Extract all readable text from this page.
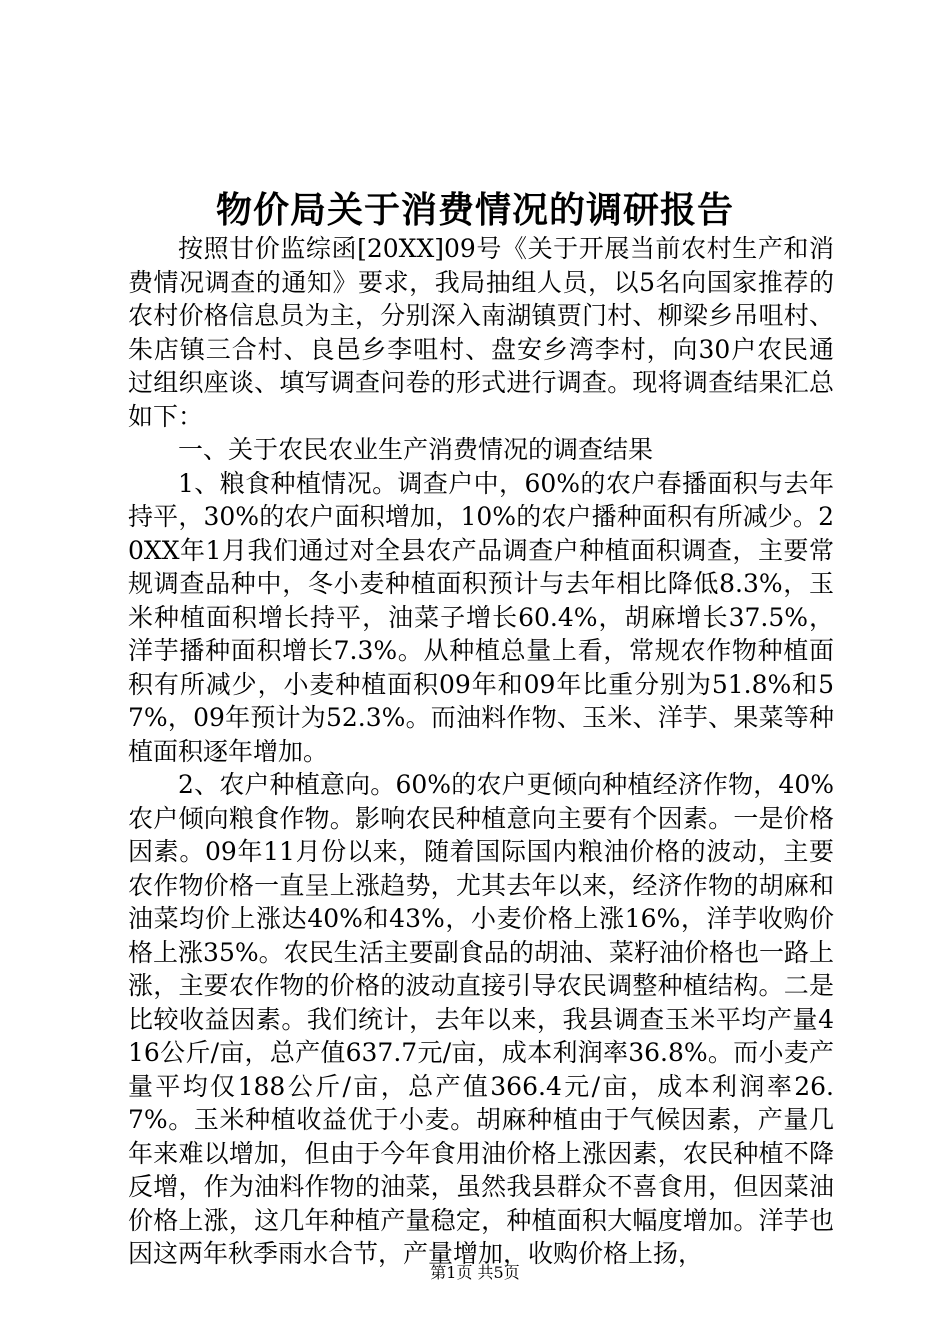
物价局关于消费情况的调研报告

按照甘价监综函[20XX]09号《关于开展当前农村生产和消费情况调查的通知》要求，我局抽组人员，以5名向国家推荐的农村价格信息员为主，分别深入南湖镇贾门村、柳梁乡吊咀村、朱店镇三合村、良邑乡李咀村、盘安乡湾李村，向30户农民通过组织座谈、填写调查问卷的形式进行调查。现将调查结果汇总如下：

一、关于农民农业生产消费情况的调查结果

1、粮食种植情况。调查户中，60%的农户春播面积与去年持平，30%的农户面积增加，10%的农户播种面积有所减少。20XX年1月我们通过对全县农产品调查户种植面积调查，主要常规调查品种中，冬小麦种植面积预计与去年相比降低8.3%，玉米种植面积增长持平，油菜子增长60.4%，胡麻增长37.5%，洋芋播种面积增长7.3%。从种植总量上看，常规农作物种植面积有所减少，小麦种植面积09年和09年比重分别为51.8%和57%，09年预计为52.3%。而油料作物、玉米、洋芋、果菜等种植面积逐年增加。

2、农户种植意向。60%的农户更倾向种植经济作物，40%农户倾向粮食作物。影响农民种植意向主要有个因素。一是价格因素。09年11月份以来，随着国际国内粮油价格的波动，主要农作物价格一直呈上涨趋势，尤其去年以来，经济作物的胡麻和油菜均价上涨达40%和43%，小麦价格上涨16%，洋芋收购价格上涨35%。农民生活主要副食品的胡油、菜籽油价格也一路上涨，主要农作物的价格的波动直接引导农民调整种植结构。二是比较收益因素。我们统计，去年以来，我县调查玉米平均产量416公斤/亩，总产值637.7元/亩，成本利润率36.8%。而小麦产量平均仅188公斤/亩，总产值366.4元/亩，成本利润率26.7%。玉米种植收益优于小麦。胡麻种植由于气候因素，产量几年来难以增加，但由于今年食用油价格上涨因素，农民种植不降反增，作为油料作物的油菜，虽然我县群众不喜食用，但因菜油价格上涨，这几年种植产量稳定，种植面积大幅度增加。洋芋也因这两年秋季雨水合节，产量增加，收购价格上扬，

第1页 共5页
